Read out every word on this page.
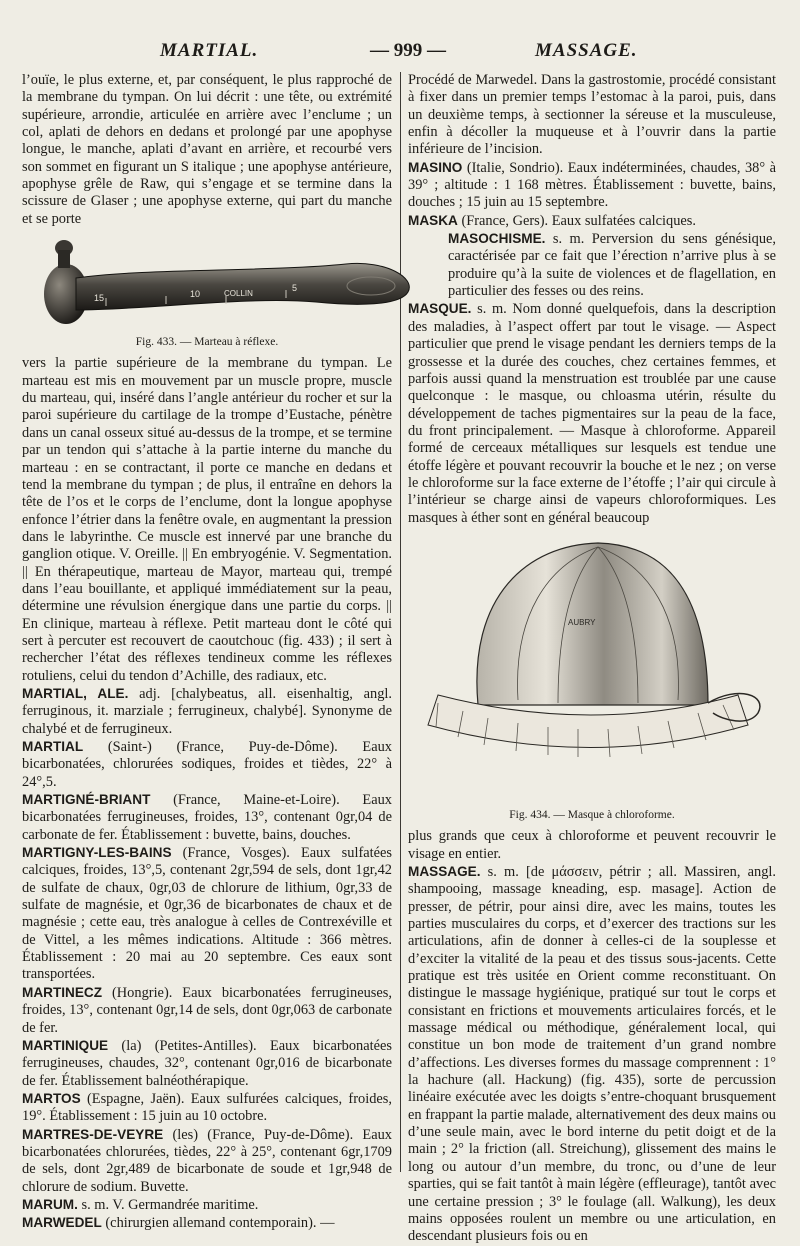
MARTIAL.	— 999 —	MASSAGE.

l’ouïe, le plus externe, et, par conséquent, le plus rapproché de la membrane du tympan. On lui décrit : une tête, ou extrémité supérieure, arrondie, articulée en arrière avec l’enclume ; un col, aplati de dehors en dedans et prolongé par une apophyse longue, le manche, aplati d’avant en arrière, et recourbé vers son sommet en figurant un S italique ; une apophyse antérieure, apophyse grêle de Raw, qui s’engage et se termine dans la scissure de Glaser ; une apophyse externe, qui part du manche et se porte

15	10	COLLIN
5

Fig. 433. — Marteau à réflexe.

vers la partie supérieure de la membrane du tympan. Le marteau est mis en mouvement par un muscle propre, muscle du marteau, qui, inséré dans l’angle antérieur du rocher et sur la paroi supérieure du cartilage de la trompe d’Eustache, pénètre dans un canal osseux situé au-dessus de la trompe, et se termine par un tendon qui s’attache à la partie interne du manche du marteau : en se contractant, il porte ce manche en dedans et tend la membrane du tympan ; de plus, il entraîne en dehors la tête de l’os et le corps de l’enclume, dont la longue apophyse enfonce l’étrier dans la fenêtre ovale, en augmentant la pression dans le labyrinthe. Ce muscle est innervé par une branche du ganglion otique. V. Oreille. || En embryogénie. V. Segmentation. || En thérapeutique, marteau de Mayor, marteau qui, trempé dans l’eau bouillante, et appliqué immédiatement sur la peau, détermine une révulsion énergique dans une partie du corps. || En clinique, marteau à réflexe. Petit marteau dont le côté qui sert à percuter est recouvert de caoutchouc (fig. 433) ; il sert à rechercher l’état des réflexes tendineux comme les réflexes rotuliens, celui du tendon d’Achille, des radiaux, etc.

MARTIAL, ALE. adj. [chalybeatus, all. eisenhaltig, angl. ferruginous, it. marziale ; ferrugineux, chalybé]. Synonyme de chalybé et de ferrugineux.

MARTIAL (Saint-) (France, Puy-de-Dôme). Eaux bicarbonatées, chlorurées sodiques, froides et tièdes, 22° à 24°,5.

MARTIGNÉ-BRIANT (France, Maine-et-Loire). Eaux bicarbonatées ferrugineuses, froides, 13°, contenant 0gr,04 de carbonate de fer. Établissement : buvette, bains, douches.

MARTIGNY-LES-BAINS (France, Vosges). Eaux sulfatées calciques, froides, 13°,5, contenant 2gr,594 de sels, dont 1gr,42 de sulfate de chaux, 0gr,03 de chlorure de lithium, 0gr,33 de sulfate de magnésie, et 0gr,36 de bicarbonates de chaux et de magnésie ; cette eau, très analogue à celles de Contrexéville et de Vittel, a les mêmes indications. Altitude : 366 mètres. Établissement : 20 mai au 20 septembre. Ces eaux sont transportées.

MARTINECZ (Hongrie). Eaux bicarbonatées ferrugineuses, froides, 13°, contenant 0gr,14 de sels, dont 0gr,063 de carbonate de fer.

MARTINIQUE (la) (Petites-Antilles). Eaux bicarbonatées ferrugineuses, chaudes, 32°, contenant 0gr,016 de bicarbonate de fer. Établissement balnéothérapique.

MARTOS (Espagne, Jaën). Eaux sulfurées calciques, froides, 19°. Établissement : 15 juin au 10 octobre.

MARTRES-DE-VEYRE (les) (France, Puy-de-Dôme). Eaux bicarbonatées chlorurées, tièdes, 22° à 25°, contenant 6gr,1709 de sels, dont 2gr,489 de bicarbonate de soude et 1gr,948 de chlorure de sodium. Buvette.

MARUM. s. m. V. Germandrée maritime.

MARWEDEL (chirurgien allemand contemporain). —

Procédé de Marwedel. Dans la gastrostomie, procédé consistant à fixer dans un premier temps l’estomac à la paroi, puis, dans un deuxième temps, à sectionner la séreuse et la musculeuse, enfin à décoller la muqueuse et à l’ouvrir dans la partie inférieure de l’incision.

MASINO (Italie, Sondrio). Eaux indéterminées, chaudes, 38° à 39° ; altitude : 1 168 mètres. Établissement : buvette, bains, douches ; 15 juin au 15 septembre.

MASKA (France, Gers). Eaux sulfatées calciques.

MASOCHISME. s. m. Perversion du sens génésique, caractérisée par ce fait que l’érection n’arrive plus à se produire qu’à la suite de violences et de flagellation, en particulier des fesses ou des reins.

MASQUE. s. m. Nom donné quelquefois, dans la description des maladies, à l’aspect offert par tout le visage. — Aspect particulier que prend le visage pendant les derniers temps de la grossesse et la durée des couches, chez certaines femmes, et parfois aussi quand la menstruation est troublée par une cause quelconque : le masque, ou chloasma utérin, résulte du développement de taches pigmentaires sur la peau de la face, du front principalement. — Masque à chloroforme. Appareil formé de cerceaux métalliques sur lesquels est tendue une étoffe légère et pouvant recouvrir la bouche et le nez ; on verse le chloroforme sur la face externe de l’étoffe ; l’air qui circule à l’intérieur se charge ainsi de vapeurs chloroformiques. Les masques à éther sont en général beaucoup

AUBRY

Fig. 434. — Masque à chloroforme.

plus grands que ceux à chloroforme et peuvent recouvrir le visage en entier.

MASSAGE. s. m. [de μάσσειν, pétrir ; all. Massiren, angl. shampooing, massage kneading, esp. masage]. Action de presser, de pétrir, pour ainsi dire, avec les mains, toutes les parties musculaires du corps, et d’exercer des tractions sur les articulations, afin de donner à celles-ci de la souplesse et d’exciter la vitalité de la peau et des tissus sous-jacents. Cette pratique est très usitée en Orient comme reconstituant. On distingue le massage hygiénique, pratiqué sur tout le corps et consistant en frictions et mouvements articulaires forcés, et le massage médical ou méthodique, généralement local, qui constitue un bon mode de traitement d’un grand nombre d’affections. Les diverses formes du massage comprennent : 1° la hachure (all. Hackung) (fig. 435), sorte de percussion linéaire exécutée avec les doigts s’entre-choquant brusquement en frappant la partie malade, alternativement des deux mains ou d’une seule main, avec le bord interne du petit doigt et de la main ; 2° la friction (all. Streichung), glissement des mains le long ou autour d’un membre, du tronc, ou d’une de leur sparties, qui se fait tantôt à main légère (effleurage), tantôt avec une certaine pression ; 3° le foulage (all. Walkung), les deux mains opposées roulent un membre ou une articulation, en descendant plusieurs fois ou en
